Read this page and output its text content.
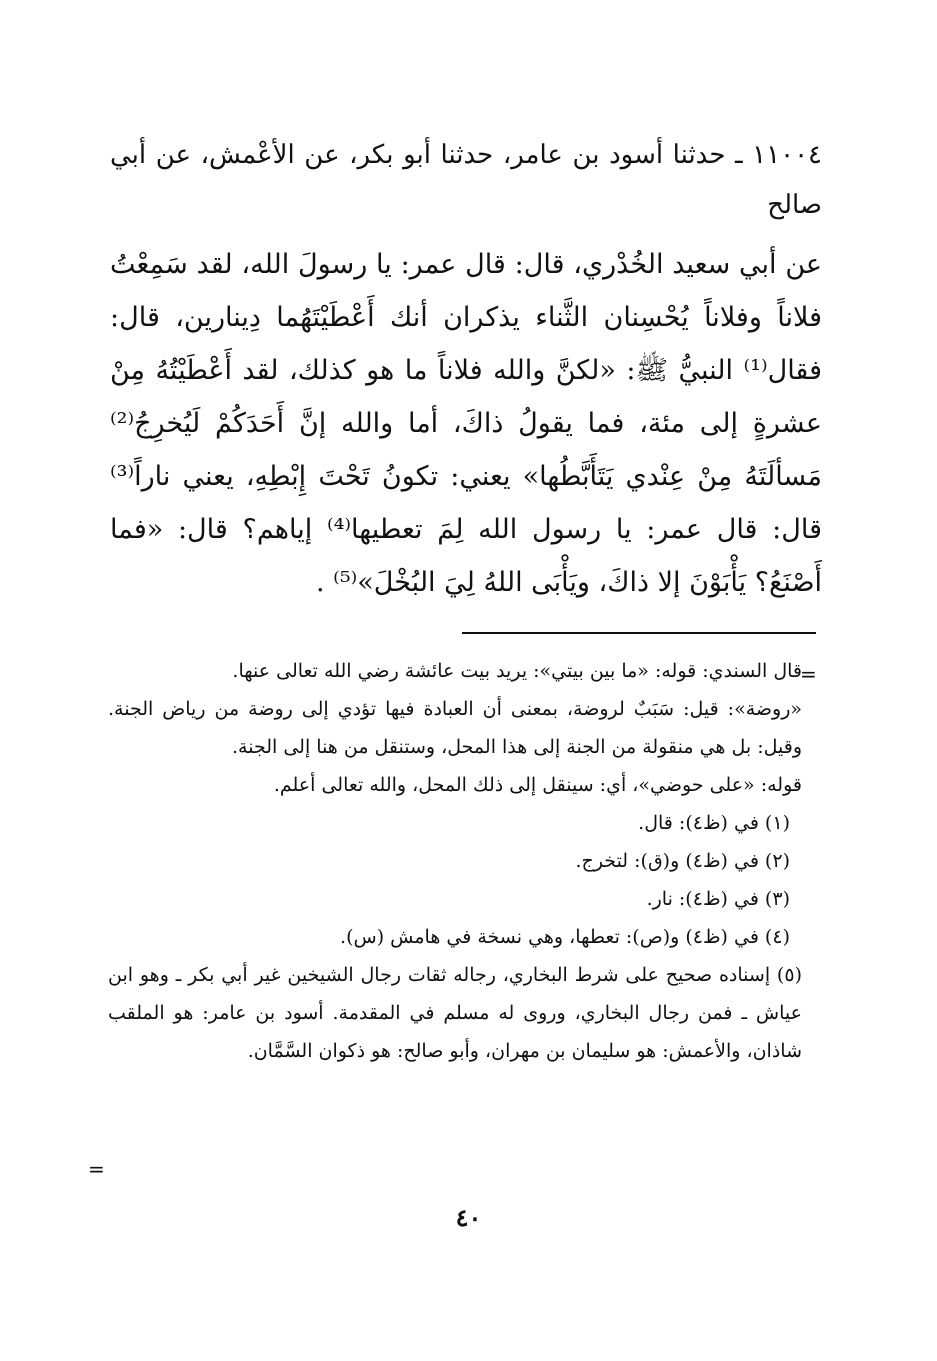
١١٠٠٤ ـ حدثنا أسود بن عامر، حدثنا أبو بكر، عن الأعْمش، عن أبي صالح
عن أبي سعيد الخُدْري، قال: قال عمر: يا رسولَ الله، لقد سَمِعْتُ فلاناً وفلاناً يُحْسِنان الثَّناء يذكران أنك أَعْطَيْتَهُما دِينارين، قال: فقال⁽¹⁾ النبيُّ ﷺ: «لكنَّ والله فلاناً ما هو كذلك، لقد أَعْطَيْتُهُ مِنْ عشرةٍ إلى مئة، فما يقولُ ذاكَ، أما والله إنَّ أَحَدَكُمْ لَيُخرِجُ⁽²⁾ مَسألَتَهُ مِنْ عِنْدي يَتَأَبَّطُها» يعني: تكونُ تَحْتَ إِبْطِهِ، يعني ناراً⁽³⁾ قال: قال عمر: يا رسول الله لِمَ تعطيها⁽⁴⁾ إياهم؟ قال: «فما أَصْنَعُ؟ يَأْبَوْنَ إلا ذاكَ، ويَأْبَى اللهُ لِيَ البُخْلَ»⁽⁵⁾ .
=

قال السندي: قوله: «ما بين بيتي»: يريد بيت عائشة رضي الله تعالى عنها.

«روضة»: قيل: سَبَبٌ لروضة، بمعنى أن العبادة فيها تؤدي إلى روضة من رياض الجنة. وقيل: بل هي منقولة من الجنة إلى هذا المحل، وستنقل من هنا إلى الجنة.

قوله: «على حوضي»، أي: سينقل إلى ذلك المحل، والله تعالى أعلم.

(١) في (ظ٤): قال.

(٢) في (ظ٤) و(ق): لتخرج.

(٣) في (ظ٤): نار.

(٤) في (ظ٤) و(ص): تعطها، وهي نسخة في هامش (س).

(٥) إسناده صحيح على شرط البخاري، رجاله ثقات رجال الشيخين غير أبي بكر ـ وهو ابن عياش ـ فمن رجال البخاري، وروى له مسلم في المقدمة. أسود بن عامر: هو الملقب شاذان، والأعمش: هو سليمان بن مهران، وأبو صالح: هو ذكوان السَّمَّان.

=
٤٠
